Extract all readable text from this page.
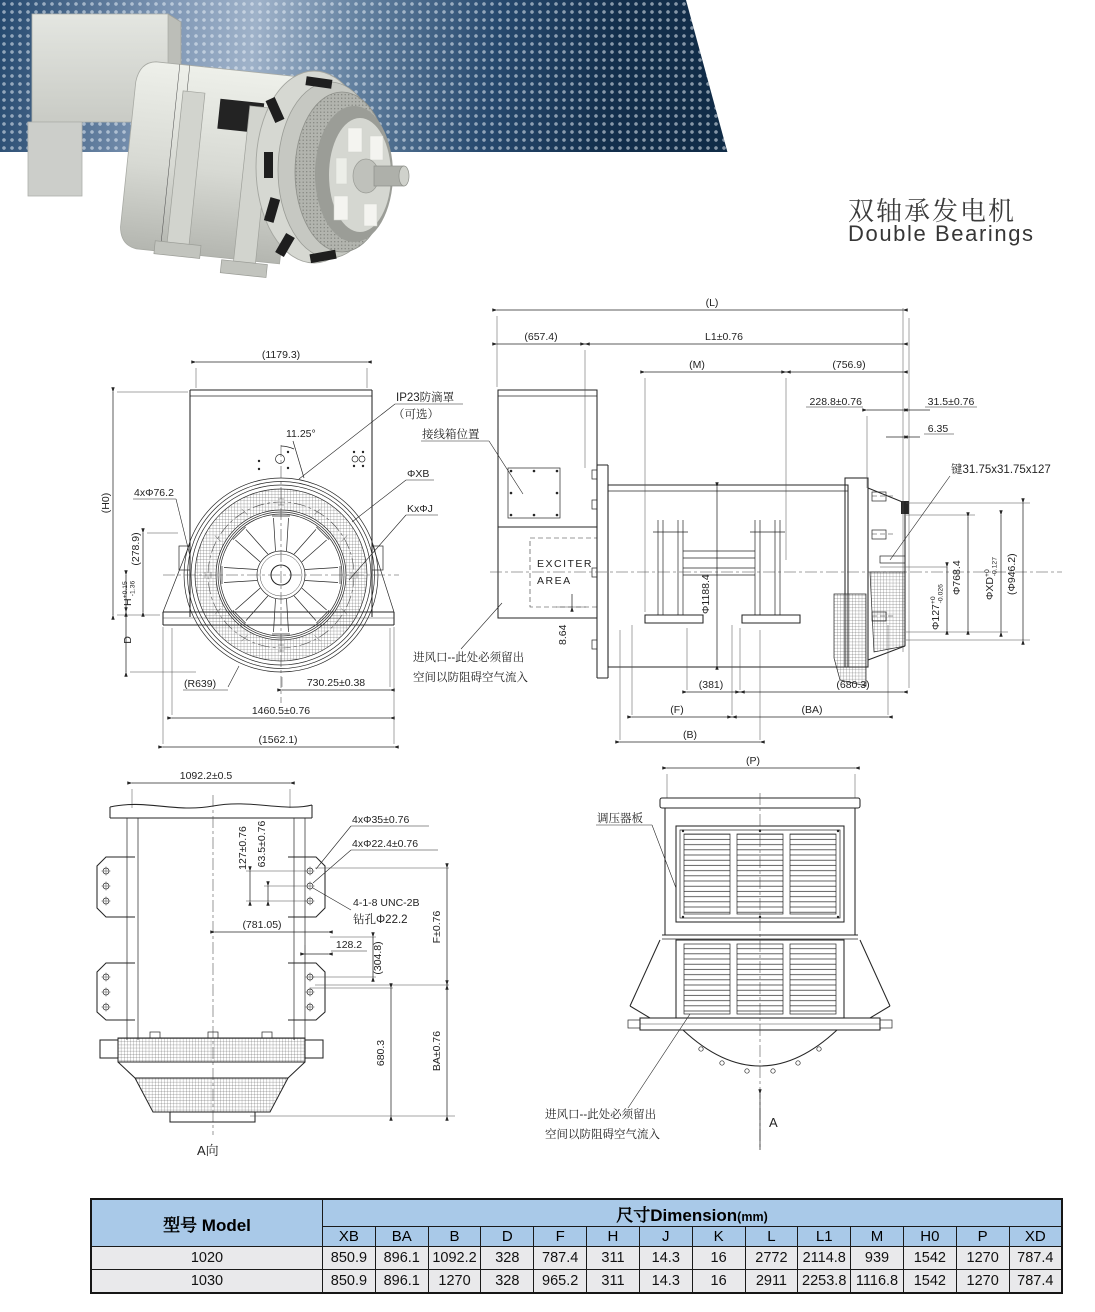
双轴承发电机
Double Bearings
(1179.3)
11.25°
(H0) 4xΦ76.2
(278.9)
$H^{+0.15}-1.36$
D
730.25±0.38
1460.5±0.76
(1562.1)
(R639)
IP23防滴罩
（可选）
接线箱位置
ΦXB
KxΦJ
进风口--此处必须留出
空间以防阻碍空气流入
EXCITER
AREA
8.64
(L)
(657.4)	L1±0.76
(M)	(756.9)
228.8±0.76	31.5±0.76
6.35
键31.75x31.75x127
Φ768.4 $\Phi XD^{+0}-0.127$ (Φ946.2)
$\Phi 127^{+0}-0.026$
Φ1188.4
(381)	(680.3)
(F)	(BA)
(B)
1092.2±0.5
127±0.76 63.5±0.76
4xΦ35±0.76
4xΦ22.4±0.76
4-1-8 UNC-2B
钻孔Φ22.2
(781.05)
128.2 (304.8)
F±0.76
BA±0.76
680.3
A向
(P)
调压器板
进风口--此处必须留出
空间以防阻碍空气流入
A
型号 Model	尺寸Dimension(mm)													
	XB	BA	B	D	F	H	J	K	L	L1	M	H0	P	XD
1020	850.9	896.1	1092.2	328	787.4	311	14.3	16	2772	2114.8	939	1542	1270	787.4
1030	850.9	896.1	1270	328	965.2	311	14.3	16	2911	2253.8	1116.8	1542	1270	787.4
